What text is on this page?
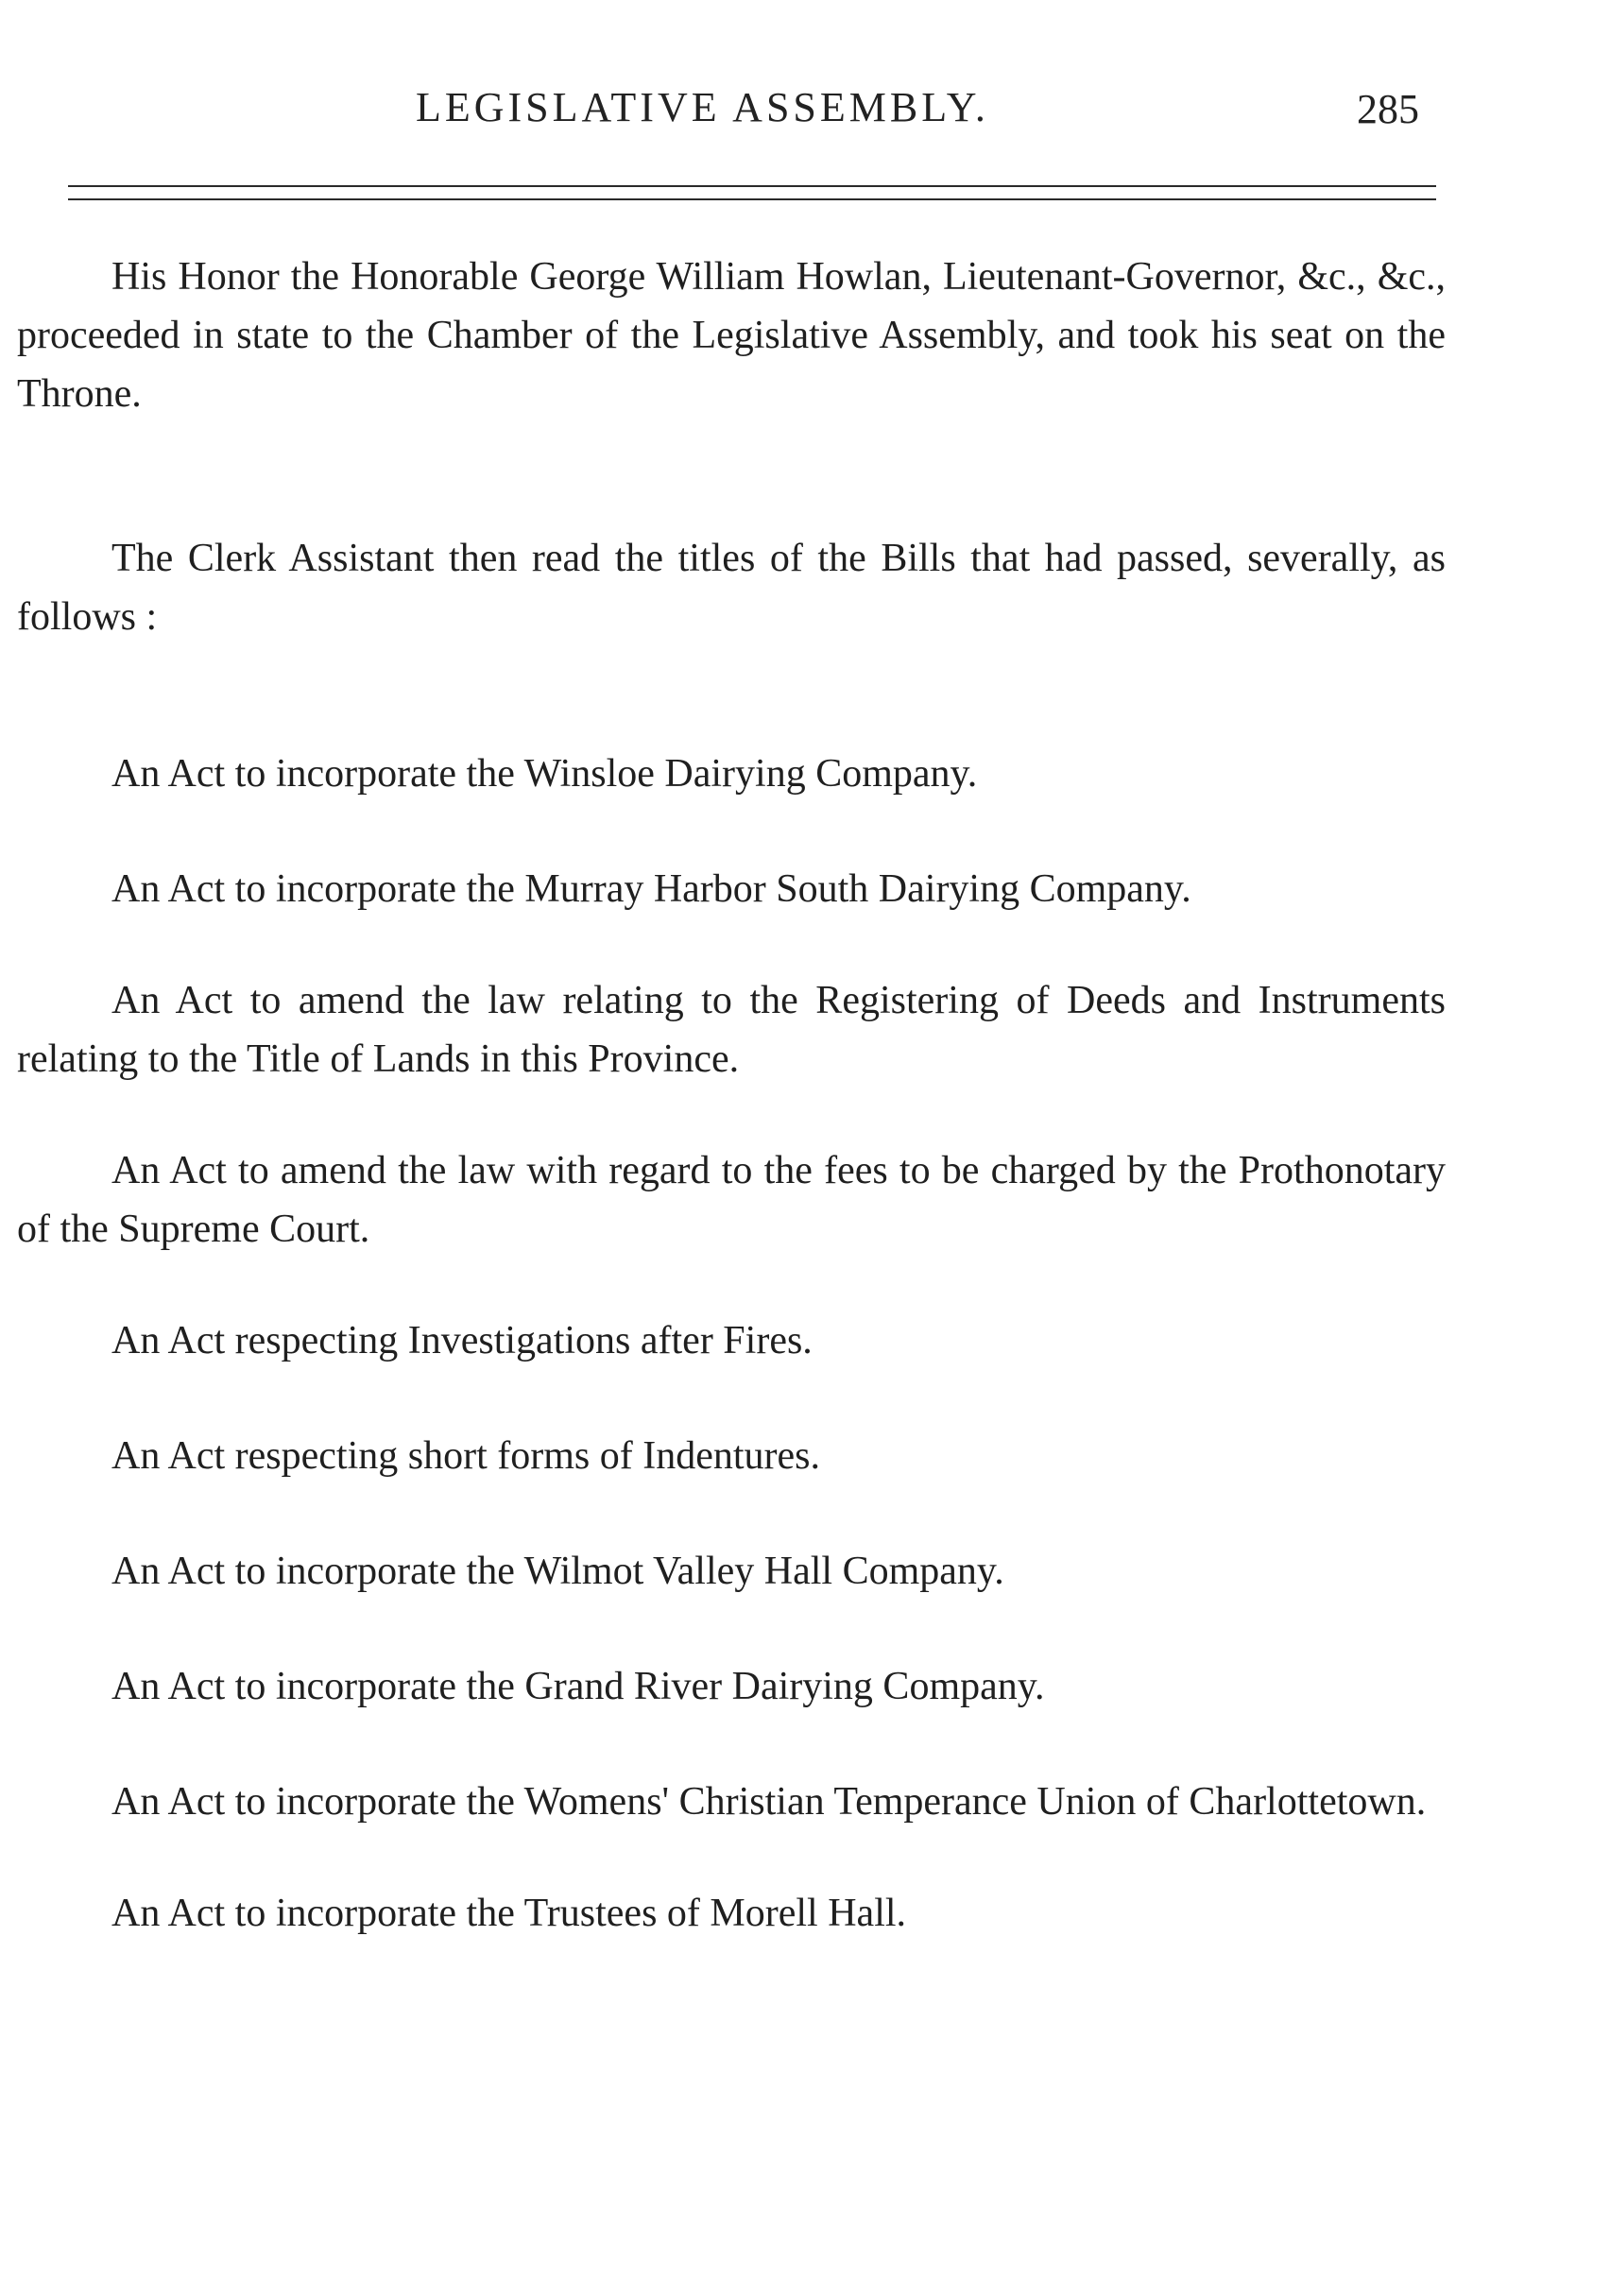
LEGISLATIVE ASSEMBLY.	285

His Honor the Honorable George William Howlan, Lieutenant-Governor, &c., &c., proceeded in state to the Chamber of the Legislative Assembly, and took his seat on the Throne.

The Clerk Assistant then read the titles of the Bills that had passed, severally, as follows :

An Act to incorporate the Winsloe Dairying Company.

An Act to incorporate the Murray Harbor South Dairying Company.

An Act to amend the law relating to the Registering of Deeds and Instruments relating to the Title of Lands in this Province.

An Act to amend the law with regard to the fees to be charged by the Prothonotary of the Supreme Court.

An Act respecting Investigations after Fires.

An Act respecting short forms of Indentures.

An Act to incorporate the Wilmot Valley Hall Company.

An Act to incorporate the Grand River Dairying Company.

An Act to incorporate the Womens' Christian Temperance Union of Charlottetown.

An Act to incorporate the Trustees of Morell Hall.
